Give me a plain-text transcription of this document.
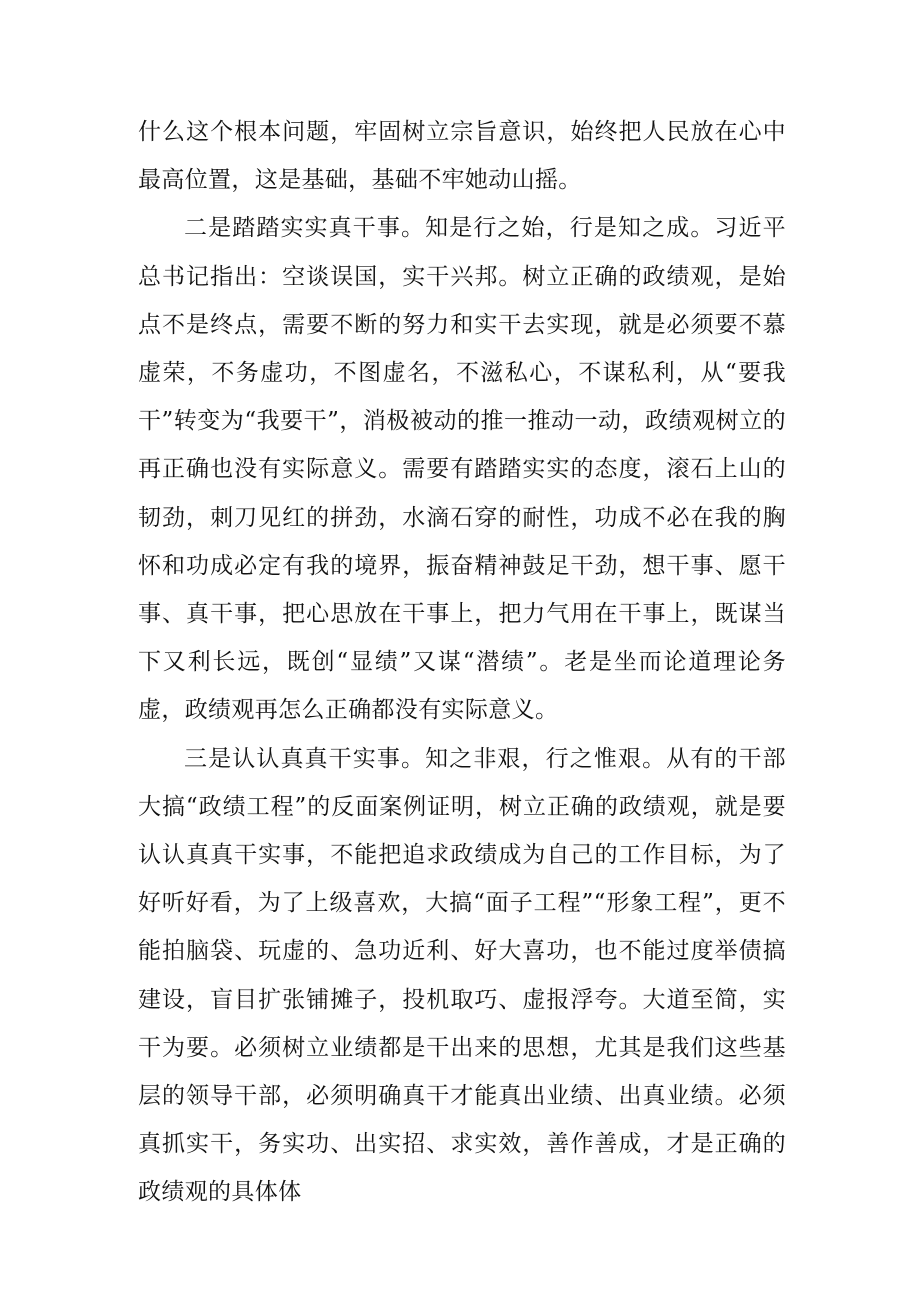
什么这个根本问题，牢固树立宗旨意识，始终把人民放在心中最高位置，这是基础，基础不牢她动山摇。

二是踏踏实实真干事。知是行之始，行是知之成。习近平总书记指出：空谈误国，实干兴邦。树立正确的政绩观，是始点不是终点，需要不断的努力和实干去实现，就是必须要不慕虚荣，不务虚功，不图虚名，不滋私心，不谋私利，从“要我干”转变为“我要干”，消极被动的推一推动一动，政绩观树立的再正确也没有实际意义。需要有踏踏实实的态度，滚石上山的韧劲，刺刀见红的拼劲，水滴石穿的耐性，功成不必在我的胸怀和功成必定有我的境界，振奋精神鼓足干劲，想干事、愿干事、真干事，把心思放在干事上，把力气用在干事上，既谋当下又利长远，既创“显绩”又谋“潜绩”。老是坐而论道理论务虚，政绩观再怎么正确都没有实际意义。

三是认认真真干实事。知之非艰，行之惟艰。从有的干部大搞“政绩工程”的反面案例证明，树立正确的政绩观，就是要认认真真干实事，不能把追求政绩成为自己的工作目标，为了好听好看，为了上级喜欢，大搞“面子工程”“形象工程”，更不能拍脑袋、玩虚的、急功近利、好大喜功，也不能过度举债搞建设，盲目扩张铺摊子，投机取巧、虚报浮夸。大道至简，实干为要。必须树立业绩都是干出来的思想，尤其是我们这些基层的领导干部，必须明确真干才能真出业绩、出真业绩。必须真抓实干，务实功、出实招、求实效，善作善成，才是正确的政绩观的具体体
